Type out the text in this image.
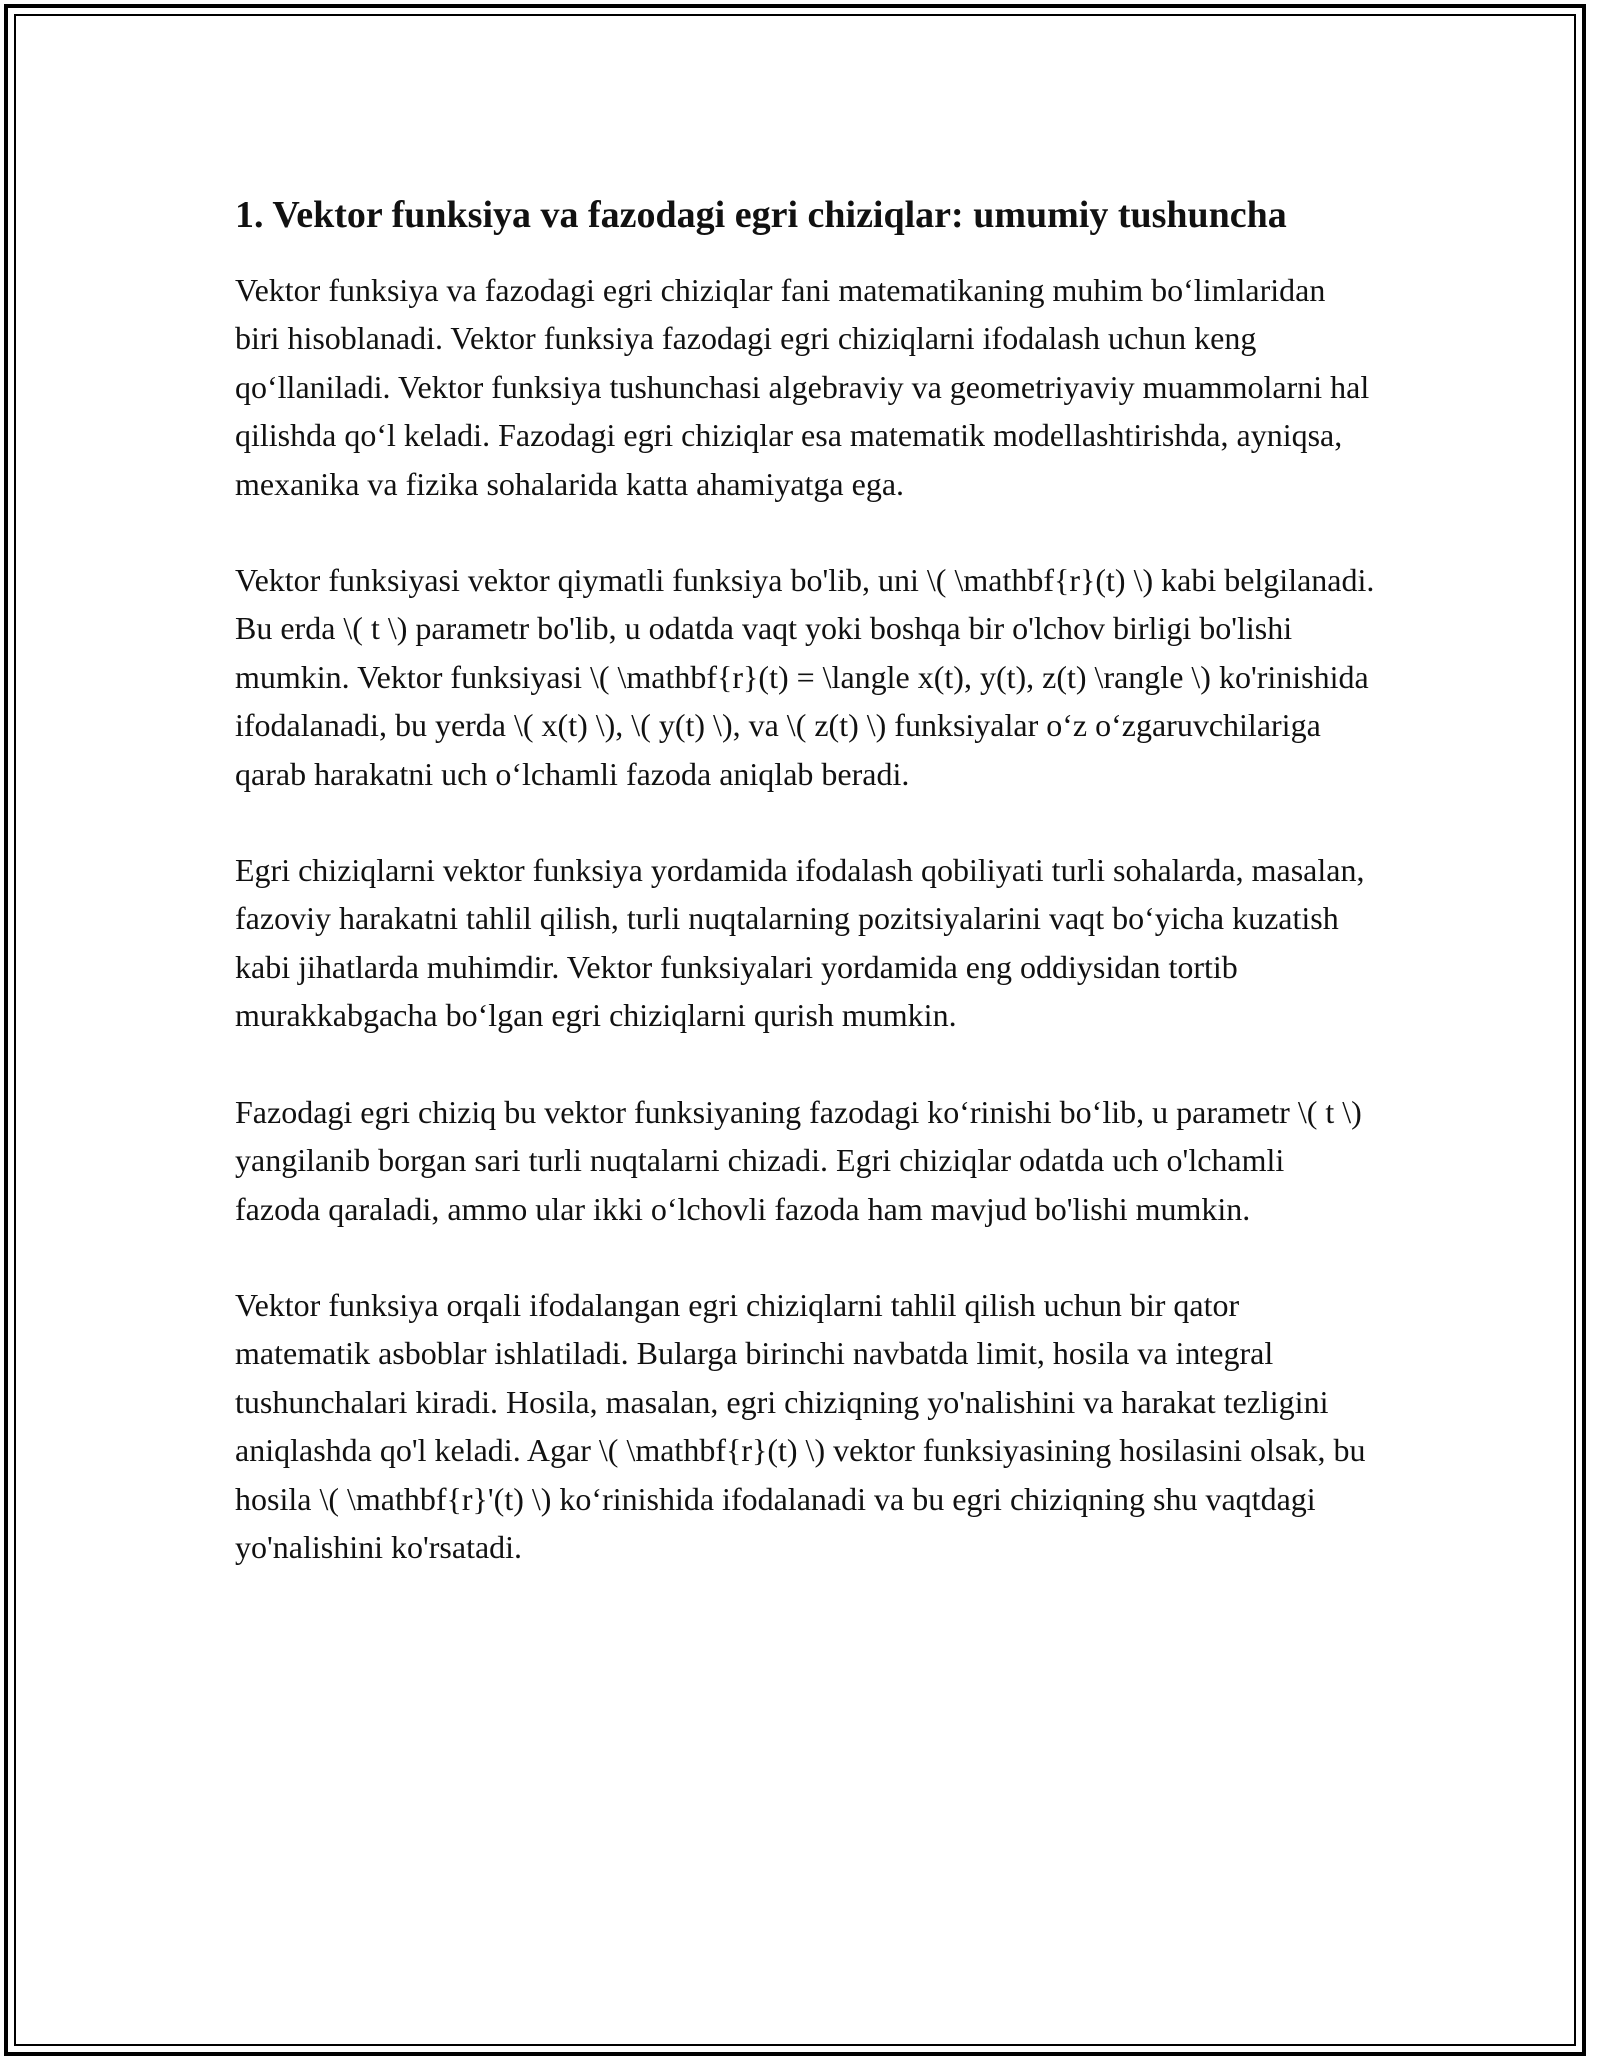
1. Vektor funksiya va fazodagi egri chiziqlar: umumiy tushuncha

Vektor funksiya va fazodagi egri chiziqlar fani matematikaning muhim bo‘limlaridan biri hisoblanadi. Vektor funksiya fazodagi egri chiziqlarni ifodalash uchun keng qo‘llaniladi. Vektor funksiya tushunchasi algebraviy va geometriyaviy muammolarni hal qilishda qo‘l keladi. Fazodagi egri chiziqlar esa matematik modellashtirishda, ayniqsa, mexanika va fizika sohalarida katta ahamiyatga ega.

Vektor funksiyasi vektor qiymatli funksiya bo'lib, uni \( \mathbf{r}(t) \) kabi belgilanadi. Bu erda \( t \) parametr bo'lib, u odatda vaqt yoki boshqa bir o'lchov birligi bo'lishi mumkin. Vektor funksiyasi \( \mathbf{r}(t) = \langle x(t), y(t), z(t) \rangle \) ko'rinishida ifodalanadi, bu yerda \( x(t) \), \( y(t) \), va \( z(t) \) funksiyalar o‘z o‘zgaruvchilariga qarab harakatni uch o‘lchamli fazoda aniqlab beradi.

Egri chiziqlarni vektor funksiya yordamida ifodalash qobiliyati turli sohalarda, masalan, fazoviy harakatni tahlil qilish, turli nuqtalarning pozitsiyalarini vaqt bo‘yicha kuzatish kabi jihatlarda muhimdir. Vektor funksiyalari yordamida eng oddiysidan tortib murakkabgacha bo‘lgan egri chiziqlarni qurish mumkin.

Fazodagi egri chiziq bu vektor funksiyaning fazodagi ko‘rinishi bo‘lib, u parametr \( t \) yangilanib borgan sari turli nuqtalarni chizadi. Egri chiziqlar odatda uch o'lchamli fazoda qaraladi, ammo ular ikki o‘lchovli fazoda ham mavjud bo'lishi mumkin.

Vektor funksiya orqali ifodalangan egri chiziqlarni tahlil qilish uchun bir qator matematik asboblar ishlatiladi. Bularga birinchi navbatda limit, hosila va integral tushunchalari kiradi. Hosila, masalan, egri chiziqning yo'nalishini va harakat tezligini aniqlashda qo'l keladi. Agar \( \mathbf{r}(t) \) vektor funksiyasining hosilasini olsak, bu hosila \( \mathbf{r}'(t) \) ko‘rinishida ifodalanadi va bu egri chiziqning shu vaqtdagi yo'nalishini ko'rsatadi.
